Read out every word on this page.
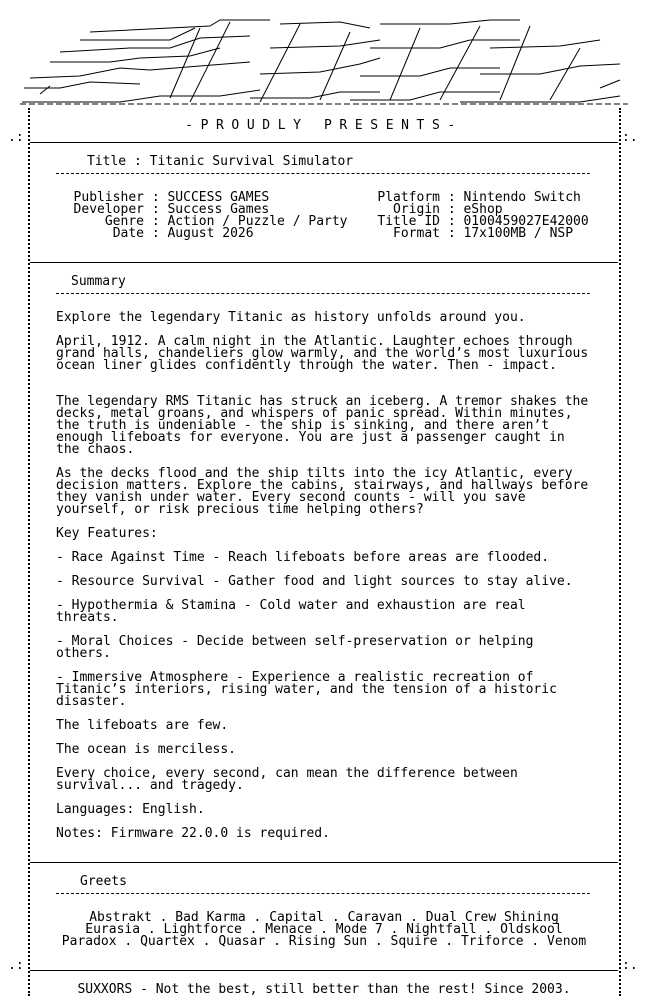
-PROUDLY PRESENTS-
Title : Titanic Survival Simulator
Publisher : SUCCESS GAMES
Developer : Success Games
Genre : Action / Puzzle / Party
Date : August 2026
Platform : Nintendo Switch
Origin : eShop
Title ID : 0100459027E42000
Format : 17x100MB / NSP
Summary
Explore the legendary Titanic as history unfolds around you.
April, 1912. A calm night in the Atlantic. Laughter echoes through grand halls, chandeliers glow warmly, and the world’s most luxurious ocean liner glides confidently through the water. Then - impact.
The legendary RMS Titanic has struck an iceberg. A tremor shakes the decks, metal groans, and whispers of panic spread. Within minutes, the truth is undeniable - the ship is sinking, and there aren’t enough lifeboats for everyone. You are just a passenger caught in the chaos.
As the decks flood and the ship tilts into the icy Atlantic, every decision matters. Explore the cabins, stairways, and hallways before they vanish under water. Every second counts - will you save yourself, or risk precious time helping others?
Key Features:
- Race Against Time - Reach lifeboats before areas are flooded.
- Resource Survival - Gather food and light sources to stay alive.
- Hypothermia & Stamina - Cold water and exhaustion are real threats.
- Moral Choices - Decide between self-preservation or helping others.
- Immersive Atmosphere - Experience a realistic recreation of Titanic’s interiors, rising water, and the tension of a historic disaster.
The lifeboats are few.
The ocean is merciless.
Every choice, every second, can mean the difference between survival... and tragedy.
Languages: English.
Notes: Firmware 22.0.0 is required.
Greets
Abstrakt . Bad Karma . Capital . Caravan . Dual Crew Shining
Eurasia . Lightforce . Menace . Mode 7 . Nightfall . Oldskool
Paradox . Quartex . Quasar . Rising Sun . Squire . Triforce . Venom
.:	:.
.:	:.
SUXXORS - Not the best, still better than the rest! Since 2003.
